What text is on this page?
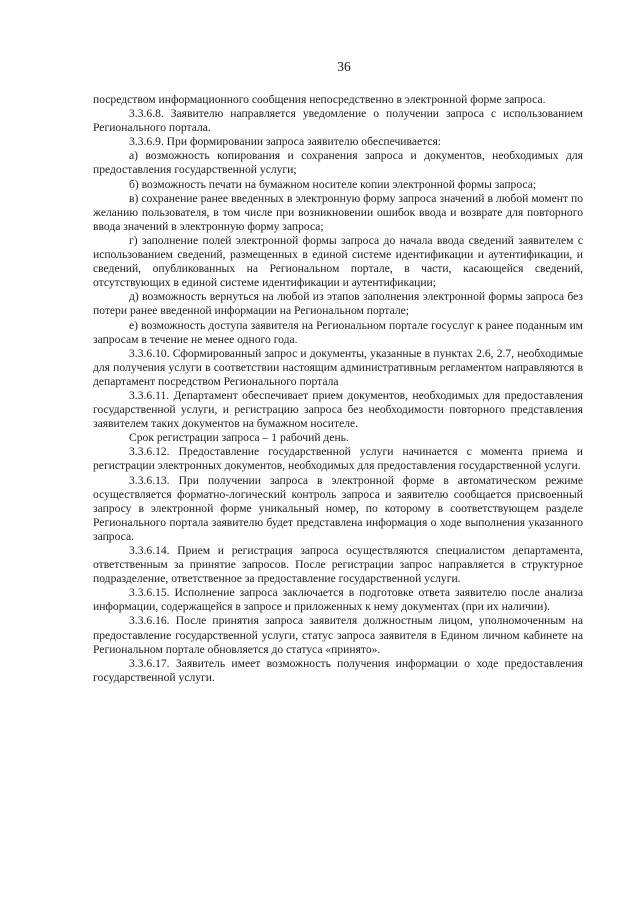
36

посредством информационного сообщения непосредственно в электронной форме запроса.

3.3.6.8. Заявителю направляется уведомление о получении запроса с использованием Регионального портала.

3.3.6.9. При формировании запроса заявителю обеспечивается:

а) возможность копирования и сохранения запроса и документов, необходимых для предоставления государственной услуги;

б) возможность печати на бумажном носителе копии электронной формы запроса;

в) сохранение ранее введенных в электронную форму запроса значений в любой момент по желанию пользователя, в том числе при возникновении ошибок ввода и возврате для повторного ввода значений в электронную форму запроса;

г) заполнение полей электронной формы запроса до начала ввода сведений заявителем с использованием сведений, размещенных в единой системе идентификации и аутентификации, и сведений, опубликованных на Региональном портале, в части, касающейся сведений, отсутствующих в единой системе идентификации и аутентификации;

д) возможность вернуться на любой из этапов заполнения электронной формы запроса без потери ранее введенной информации на Региональном портале;

е) возможность доступа заявителя на Региональном портале госуслуг к ранее поданным им запросам в течение не менее одного года.

3.3.6.10. Сформированный запрос и документы, указанные в пунктах 2.6, 2.7, необходимые для получения услуги в соответствии настоящим административным регламентом направляются в департамент посредством Регионального портала

3.3.6.11. Департамент обеспечивает прием документов, необходимых для предоставления государственной услуги, и регистрацию запроса без необходимости повторного представления заявителем таких документов на бумажном носителе.

Срок регистрации запроса – 1 рабочий день.

3.3.6.12. Предоставление государственной услуги начинается с момента приема и регистрации электронных документов, необходимых для предоставления государственной услуги.

3.3.6.13. При получении запроса в электронной форме в автоматическом режиме осуществляется форматно-логический контроль запроса и заявителю сообщается присвоенный запросу в электронной форме уникальный номер, по которому в соответствующем разделе Регионального портала заявителю будет представлена информация о ходе выполнения указанного запроса.

3.3.6.14. Прием и регистрация запроса осуществляются специалистом департамента, ответственным за принятие запросов. После регистрации запрос направляется в структурное подразделение, ответственное за предоставление государственной услуги.

3.3.6.15. Исполнение запроса заключается в подготовке ответа заявителю после анализа информации, содержащейся в запросе и приложенных к нему документах (при их наличии).

3.3.6.16. После принятия запроса заявителя должностным лицом, уполномоченным на предоставление государственной услуги, статус запроса заявителя в Едином личном кабинете на Региональном портале обновляется до статуса «принято».

3.3.6.17. Заявитель имеет возможность получения информации о ходе предоставления государственной услуги.
